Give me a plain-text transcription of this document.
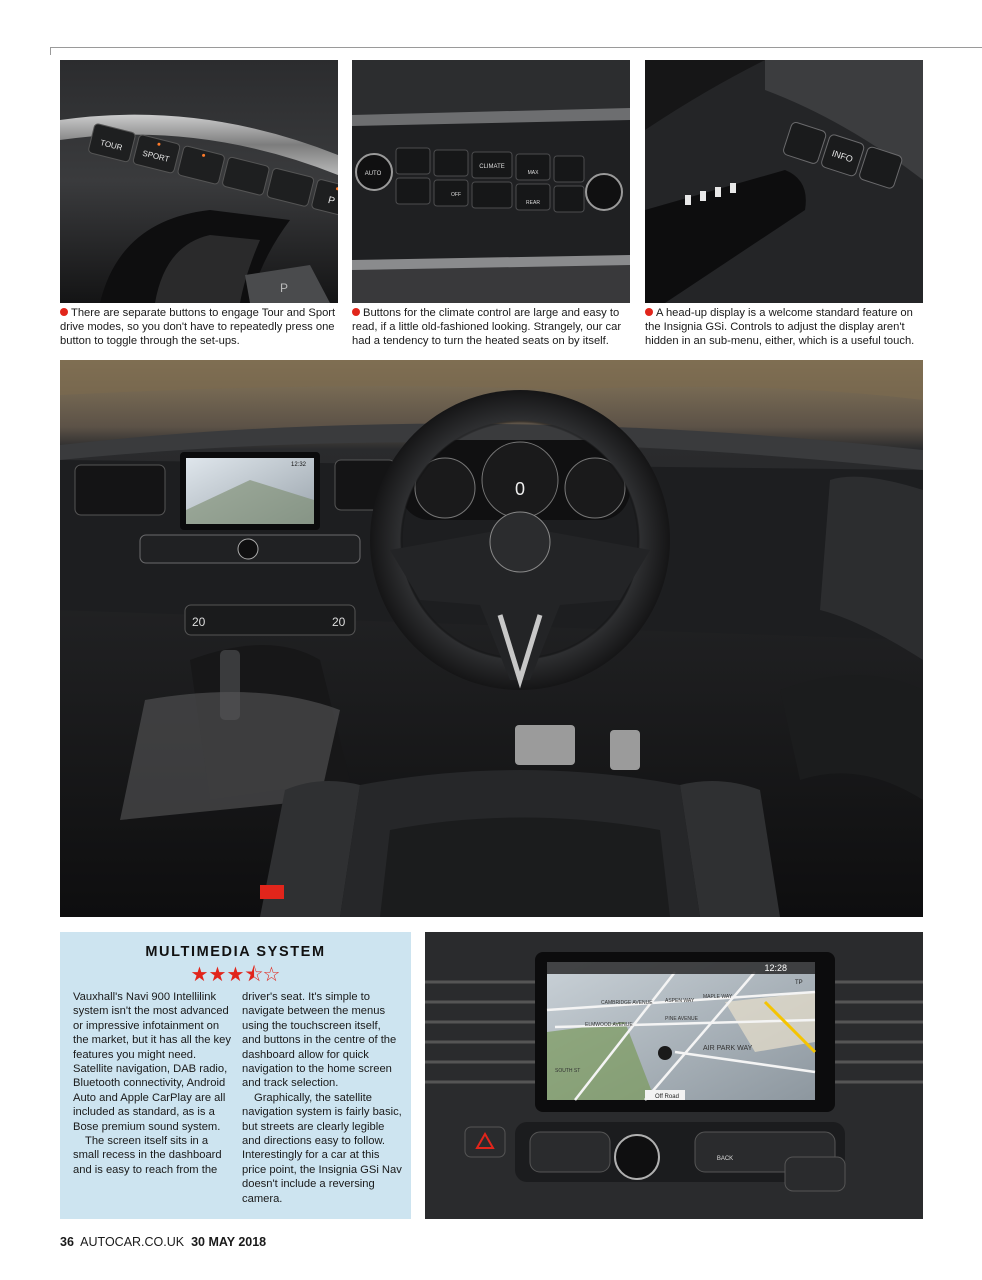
TOUR
SPORT
P
P
AUTO
CLIMATE
MAX
REAR
OFF
INFO
There are separate buttons to engage Tour and Sport drive modes, so you don't have to repeatedly press one button to toggle through the set-ups.
Buttons for the climate control are large and easy to read, if a little old-fashioned looking. Strangely, our car had a tendency to turn the heated seats on by itself.
A head-up display is a welcome standard feature on the Insignia GSi. Controls to adjust the display aren't hidden in an sub-menu, either, which is a useful touch.
12:32
20	20
MULTIMEDIA SYSTEM
★★★⯪☆

Vauxhall's Navi 900 Intellilink system isn't the most advanced or impressive infotainment on the market, but it has all the key features you might need. Satellite navigation, DAB radio, Bluetooth connectivity, Android Auto and Apple CarPlay are all included as standard, as is a Bose premium sound system.

The screen itself sits in a small recess in the dashboard and is easy to reach from the

driver's seat. It's simple to navigate between the menus using the touchscreen itself, and buttons in the centre of the dashboard allow for quick navigation to the home screen and track selection.

Graphically, the satellite navigation system is fairly basic, but streets are clearly legible and directions easy to follow. Interestingly for a car at this price point, the Insignia GSi Nav doesn't include a reversing camera.

12:28
TP
CAMBRIDGE AVENUE ASPEN WAY
MAPLE WAY
ELMWOOD AVENUE
PINE AVENUE
AIR PARK WAY
SOUTH ST
Off Road
BACK
36 AUTOCAR.CO.UK 30 MAY 2018
